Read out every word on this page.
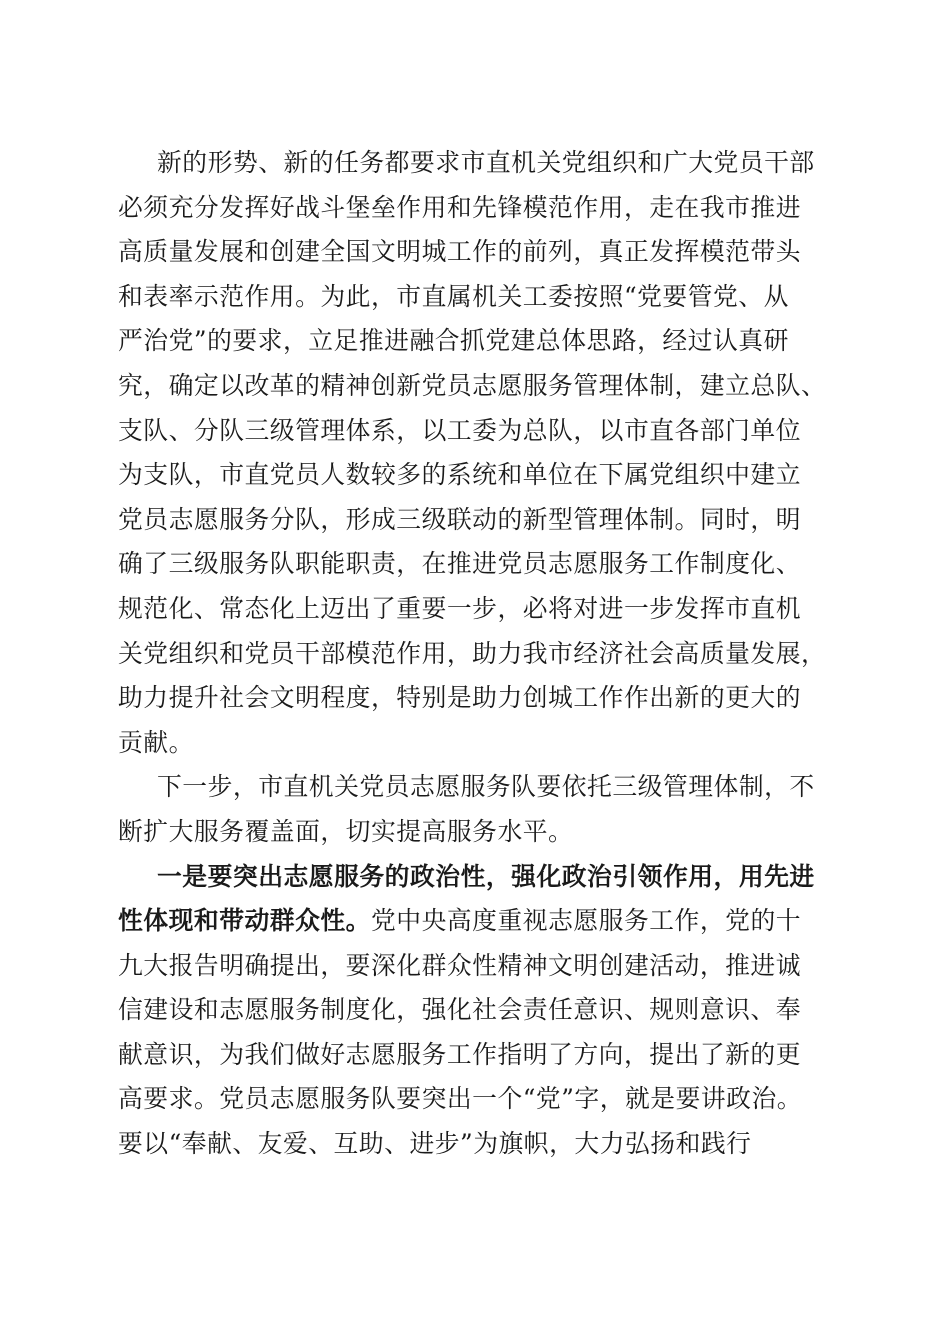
新的形势、新的任务都要求市直机关党组织和广大党员干部
必须充分发挥好战斗堡垒作用和先锋模范作用，走在我市推进
高质量发展和创建全国文明城工作的前列，真正发挥模范带头
和表率示范作用。为此，市直属机关工委按照“党要管党、从
严治党”的要求，立足推进融合抓党建总体思路，经过认真研
究，确定以改革的精神创新党员志愿服务管理体制，建立总队、
支队、分队三级管理体系，以工委为总队，以市直各部门单位
为支队，市直党员人数较多的系统和单位在下属党组织中建立
党员志愿服务分队，形成三级联动的新型管理体制。同时，明
确了三级服务队职能职责，在推进党员志愿服务工作制度化、
规范化、常态化上迈出了重要一步，必将对进一步发挥市直机
关党组织和党员干部模范作用，助力我市经济社会高质量发展，
助力提升社会文明程度，特别是助力创城工作作出新的更大的
贡献。
下一步，市直机关党员志愿服务队要依托三级管理体制，不
断扩大服务覆盖面，切实提高服务水平。
一是要突出志愿服务的政治性，强化政治引领作用，用先进
性体现和带动群众性。党中央高度重视志愿服务工作，党的十
九大报告明确提出，要深化群众性精神文明创建活动，推进诚
信建设和志愿服务制度化，强化社会责任意识、规则意识、奉
献意识，为我们做好志愿服务工作指明了方向，提出了新的更
高要求。党员志愿服务队要突出一个“党”字，就是要讲政治。
要以“奉献、友爱、互助、进步”为旗帜，大力弘扬和践行
